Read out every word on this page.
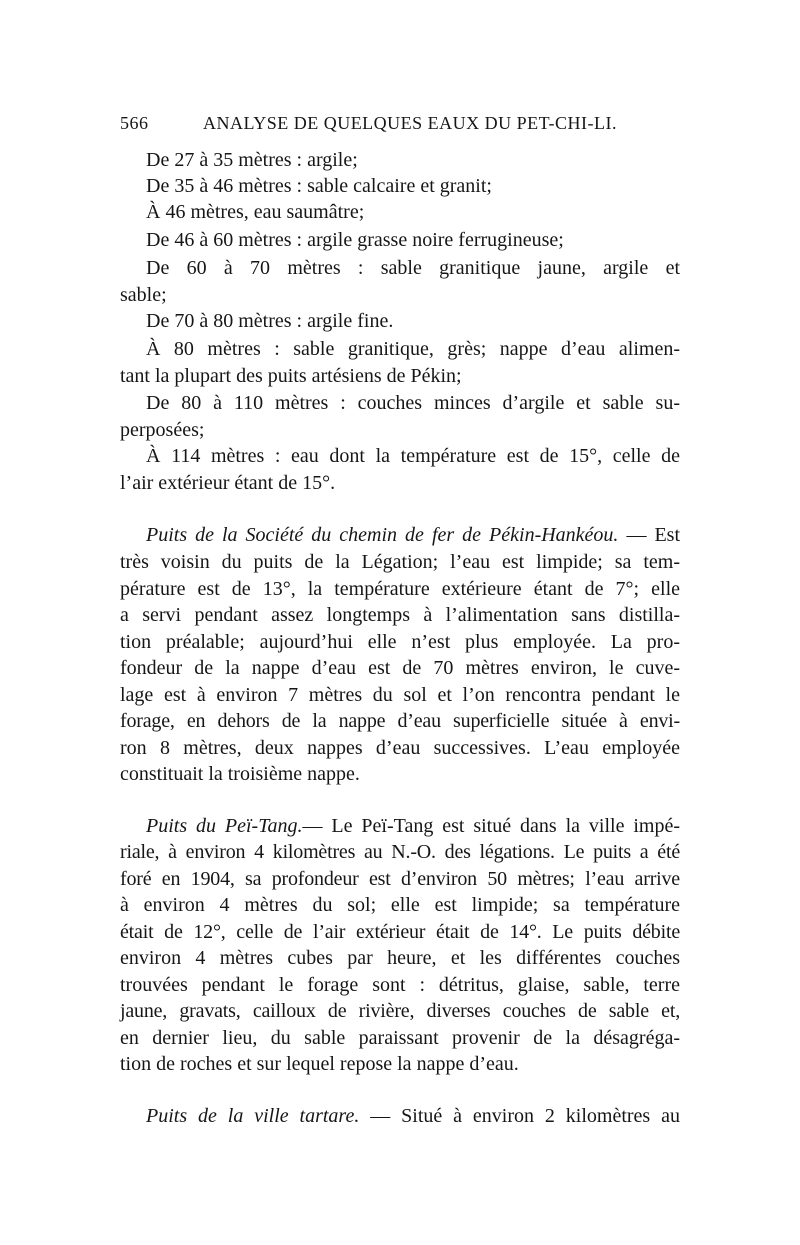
566	ANALYSE DE QUELQUES EAUX DU PET-CHI-LI.
De 27 à 35 mètres : argile;
De 35 à 46 mètres : sable calcaire et granit;
À 46 mètres, eau saumâtre;
De 46 à 60 mètres : argile grasse noire ferrugineuse;
De 60 à 70 mètres : sable granitique jaune, argile et
sable;
De 70 à 80 mètres : argile fine.
À 80 mètres : sable granitique, grès; nappe d’eau alimen-
tant la plupart des puits artésiens de Pékin;
De 80 à 110 mètres : couches minces d’argile et sable su-
perposées;
À 114 mètres : eau dont la température est de 15°, celle de
l’air extérieur étant de 15°.
Puits de la Société du chemin de fer de Pékin-Hankéou. — Est
très voisin du puits de la Légation; l’eau est limpide; sa tem-
pérature est de 13°, la température extérieure étant de 7°; elle
a servi pendant assez longtemps à l’alimentation sans distilla-
tion préalable; aujourd’hui elle n’est plus employée. La pro-
fondeur de la nappe d’eau est de 70 mètres environ, le cuve-
lage est à environ 7 mètres du sol et l’on rencontra pendant le
forage, en dehors de la nappe d’eau superficielle située à envi-
ron 8 mètres, deux nappes d’eau successives. L’eau employée
constituait la troisième nappe.
Puits du Peï-Tang.— Le Peï-Tang est situé dans la ville impé-
riale, à environ 4 kilomètres au N.-O. des légations. Le puits a été
foré en 1904, sa profondeur est d’environ 50 mètres; l’eau arrive
à environ 4 mètres du sol; elle est limpide; sa température
était de 12°, celle de l’air extérieur était de 14°. Le puits débite
environ 4 mètres cubes par heure, et les différentes couches
trouvées pendant le forage sont : détritus, glaise, sable, terre
jaune, gravats, cailloux de rivière, diverses couches de sable et,
en dernier lieu, du sable paraissant provenir de la désagréga-
tion de roches et sur lequel repose la nappe d’eau.
Puits de la ville tartare. — Situé à environ 2 kilomètres au
